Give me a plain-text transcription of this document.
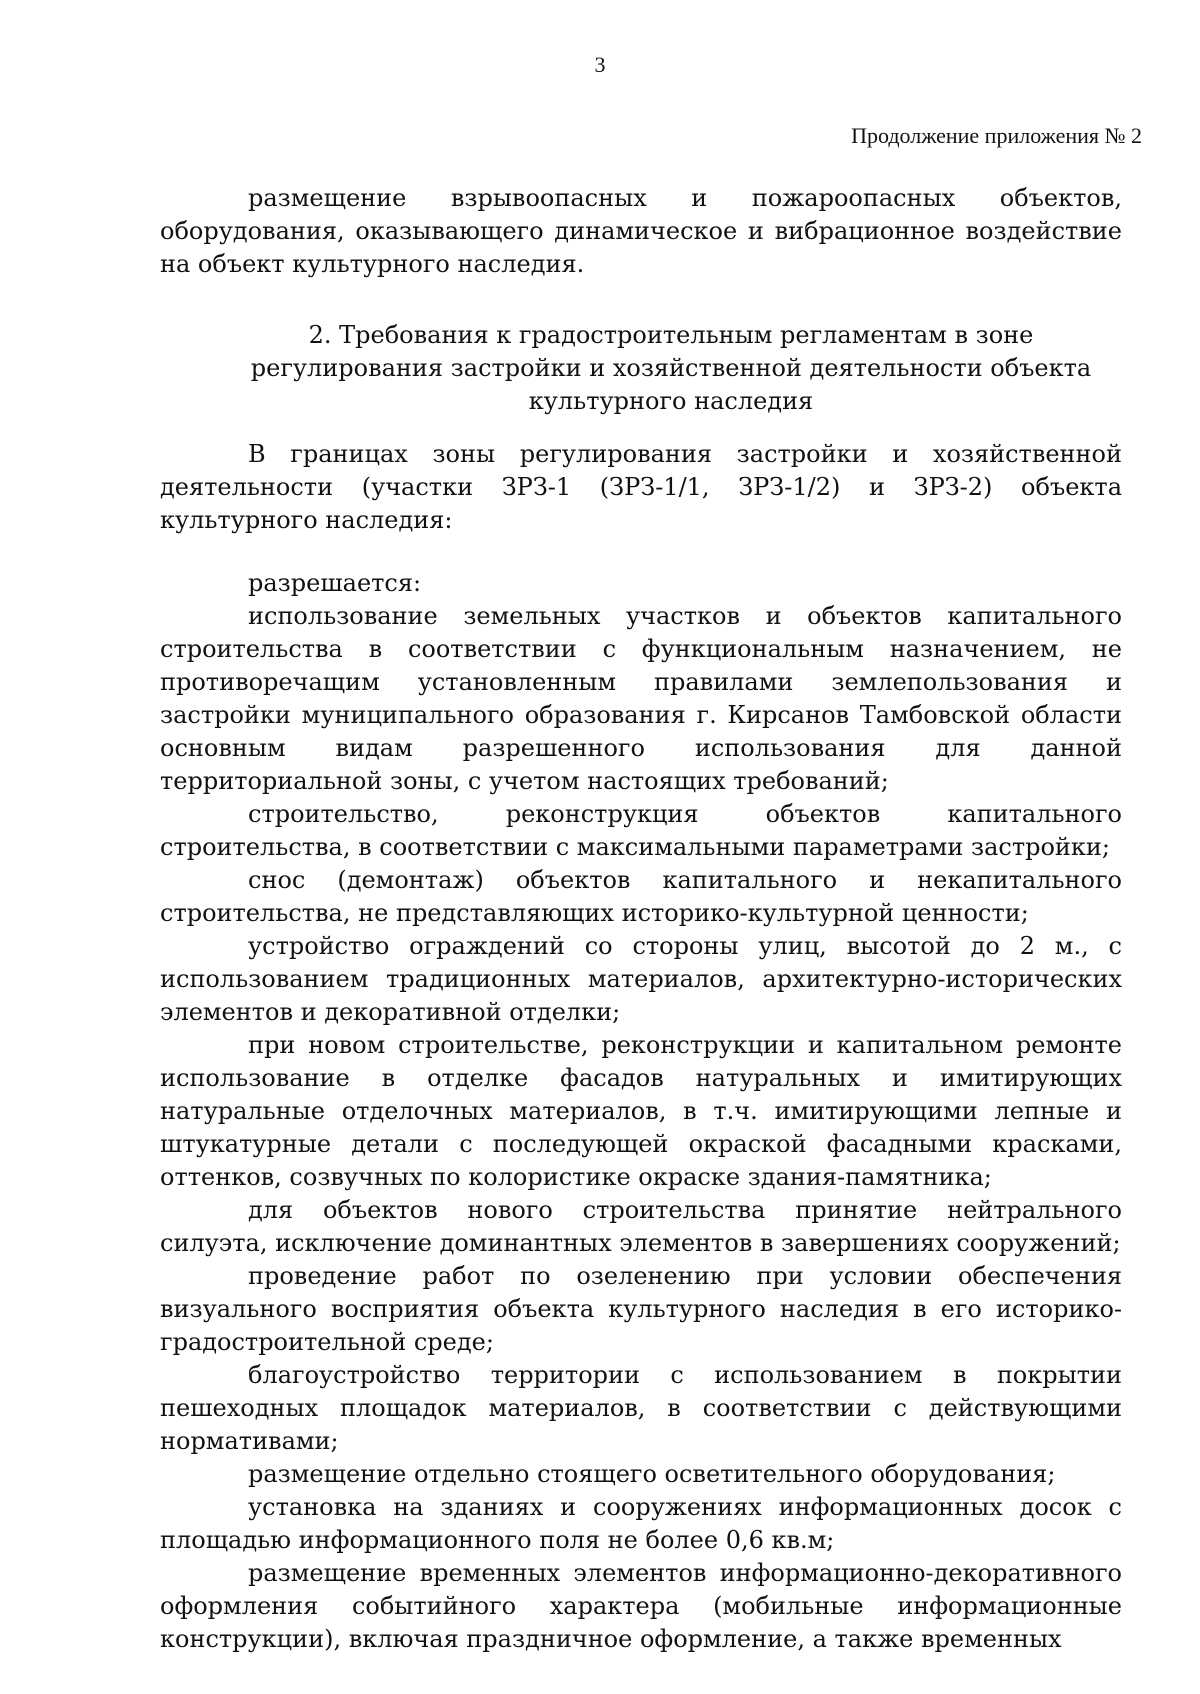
3
Продолжение приложения № 2

размещение взрывоопасных и пожароопасных объектов, оборудования, оказывающего динамическое и вибрационное воздействие на объект культурного наследия.

2. Требования к градостроительным регламентам в зоне регулирования застройки и хозяйственной деятельности объекта культурного наследия

В границах зоны регулирования застройки и хозяйственной деятельности (участки ЗРЗ-1 (ЗРЗ-1/1, ЗРЗ-1/2) и ЗРЗ-2) объекта культурного наследия:

разрешается:

использование земельных участков и объектов капитального строительства в соответствии с функциональным назначением, не противоречащим установленным правилами землепользования и застройки муниципального образования г. Кирсанов Тамбовской области основным видам разрешенного использования для данной территориальной зоны, с учетом настоящих требований;

строительство, реконструкция объектов капитального строительства, в соответствии с максимальными параметрами застройки;

снос (демонтаж) объектов капитального и некапитального строительства, не представляющих историко-культурной ценности;

устройство ограждений со стороны улиц, высотой до 2 м., с использованием традиционных материалов, архитектурно-исторических элементов и декоративной отделки;

при новом строительстве, реконструкции и капитальном ремонте использование в отделке фасадов натуральных и имитирующих натуральные отделочных материалов, в т.ч. имитирующими лепные и штукатурные детали с последующей окраской фасадными красками, оттенков, созвучных по колористике окраске здания-памятника;

для объектов нового строительства принятие нейтрального силуэта, исключение доминантных элементов в завершениях сооружений;

проведение работ по озеленению при условии обеспечения визуального восприятия объекта культурного наследия в его историко-градостроительной среде;

благоустройство территории с использованием в покрытии пешеходных площадок материалов, в соответствии с действующими нормативами;

размещение отдельно стоящего осветительного оборудования;

установка на зданиях и сооружениях информационных досок с площадью информационного поля не более 0,6 кв.м;

размещение временных элементов информационно-декоративного оформления событийного характера (мобильные информационные конструкции), включая праздничное оформление, а также временных
